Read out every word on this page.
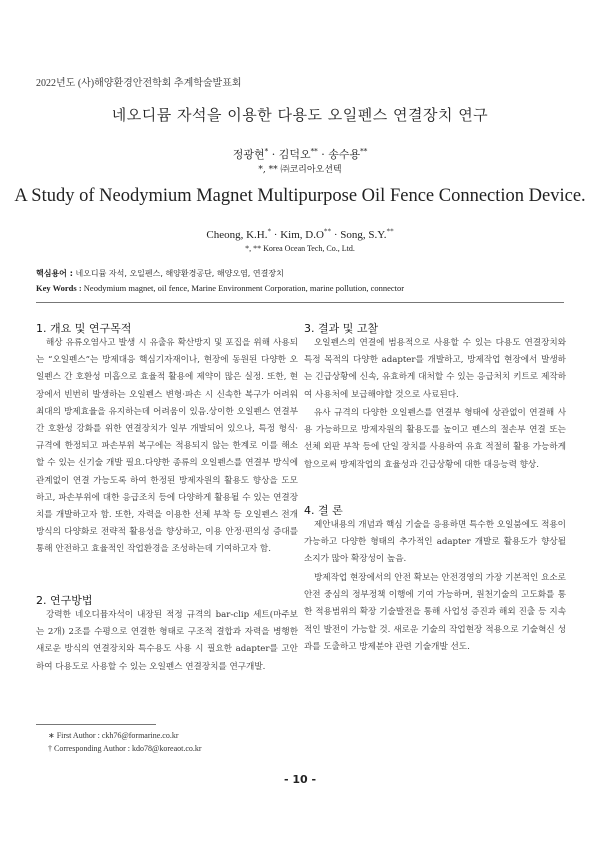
2022년도 (사)해양환경안전학회 추계학술발표회
네오디뮴 자석을 이용한 다용도 오일펜스 연결장치 연구
정광현* · 김덕오** · 송수용**
*, ** ㈜코리아오션텍
A Study of Neodymium Magnet Multipurpose Oil Fence Connection Device.
Cheong, K.H.* · Kim, D.O** · Song, S.Y.**
*, ** Korea Ocean Tech, Co., Ltd.
핵심용어 : 네오디뮴 자석, 오일펜스, 해양환경공단, 해양오염, 연결장치
Key Words : Neodymium magnet, oil fence, Marine Environment Corporation, marine pollution, connector
1. 개요 및 연구목적

해상 유류오염사고 발생 시 유출유 확산방지 및 포집을 위해 사용되는 “오일펜스”는 방제대응 핵심기자재이나, 현장에 동원된 다양한 오일펜스 간 호환성 미흡으로 효율적 활용에 제약이 많은 실정. 또한, 현장에서 빈번히 발생하는 오일펜스 변형·파손 시 신속한 복구가 어려워 최대의 방제효율을 유지하는데 어려움이 있음.상이한 오일펜스 연결부 간 호환성 강화를 위한 연결장치가 일부 개발되어 있으나, 특정 형식·규격에 한정되고 파손부위 복구에는 적용되지 않는 한계로 이를 해소할 수 있는 신기술 개발 필요.다양한 종류의 오일펜스를 연결부 방식에 관계없이 연결 가능도록 하여 한정된 방제자원의 활용도 향상을 도모하고, 파손부위에 대한 응급조치 등에 다양하게 활용될 수 있는 연결장치를 개발하고자 함. 또한, 자력을 이용한 선체 부착 등 오일펜스 전개방식의 다양화로 전략적 활용성을 향상하고, 이용 안정·편의성 증대를 통해 안전하고 효율적인 작업환경을 조성하는데 기여하고자 함.

2. 연구방법

강력한 네오디뮴자석이 내장된 적정 규격의 bar-clip 세트(마주보는 2개) 2조를 수평으로 연결한 형태로 구조적 결합과 자력을 병행한 새로운 방식의 연결장치와 특수용도 사용 시 필요한 adapter를 고안하여 다용도로 사용할 수 있는 오일펜스 연결장치를 연구개발.

3. 결과 및 고찰

오일펜스의 연결에 범용적으로 사용할 수 있는 다용도 연결장치와 특정 목적의 다양한 adapter를 개발하고, 방제작업 현장에서 발생하는 긴급상황에 신속, 유효하게 대처할 수 있는 응급처치 키트로 제작하여 사용처에 보급해야할 것으로 사료된다.

유사 규격의 다양한 오일펜스를 연결부 형태에 상관없이 연결해 사용 가능하므로 방제자원의 활용도를 높이고 펜스의 절손부 연결 또는 선체 외판 부착 등에 단일 장치를 사용하여 유효 적절히 활용 가능하게 함으로써 방제작업의 효율성과 긴급상황에 대한 대응능력 향상.

4. 결 론

제안내용의 개념과 핵심 기술을 응용하면 특수한 오일붐에도 적용이 가능하고 다양한 형태의 추가적인 adapter 개발로 활용도가 향상될 소지가 많아 확장성이 높음.

방제작업 현장에서의 안전 확보는 안전경영의 가장 기본적인 요소로 안전 중심의 정부정책 이행에 기여 가능하며, 원천기술의 고도화를 통한 적용범위의 확장 기술발전을 통해 사업성 증진과 해외 진출 등 지속적인 발전이 가능할 것. 새로운 기술의 작업현장 적용으로 기술혁신 성과를 도출하고 방제분야 관련 기술개발 선도.

∗ First Author : ckh76@formarine.co.kr
† Corresponding Author : kdo78@koreaot.co.kr
- 10 -
